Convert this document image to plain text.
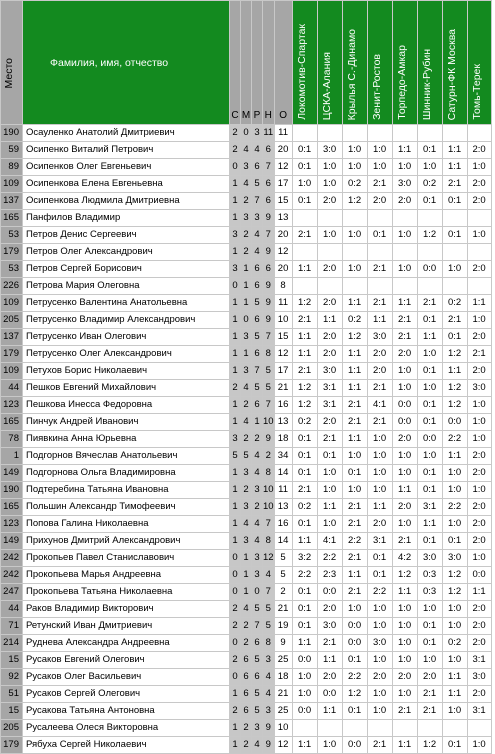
Место	Фамилия, имя, отчество	С	М	Р	Н	О	Локомотив-Спартак	ЦСКА-Алания	Крылья С.-Динамо	Зенит-Ростов	Торпедо-Амкар	Шинник-Рубин	Сатурн-ФК Москва	Томь-Терек

190	Осауленко Анатолий Дмитриевич	2	0	3	11	11								
59	Осипенко Виталий Петрович	2	4	4	6	20	0:1	3:0	1:0	1:0	1:1	0:1	1:1	2:0
89	Осипенков Олег Евгеньевич	0	3	6	7	12	0:1	1:0	1:0	1:0	1:0	1:0	1:1	1:0
109	Осипенкова Елена Евгеньевна	1	4	5	6	17	1:0	1:0	0:2	2:1	3:0	0:2	2:1	2:0
137	Осипенкова Людмила Дмитриевна	1	2	7	6	15	0:1	2:0	1:2	2:0	2:0	0:1	0:1	2:0
165	Панфилов Владимир	1	3	3	9	13								
53	Петров Денис Сергеевич	3	2	4	7	20	2:1	1:0	1:0	0:1	1:0	1:2	0:1	1:0
179	Петров Олег Александрович	1	2	4	9	12								
53	Петров Сергей Борисович	3	1	6	6	20	1:1	2:0	1:0	2:1	1:0	0:0	1:0	2:0
226	Петрова Мария Олеговна	0	1	6	9	8								
109	Петрусенко Валентина Анатольевна	1	1	5	9	11	1:2	2:0	1:1	2:1	1:1	2:1	0:2	1:1
205	Петрусенко Владимир Александрович	1	0	6	9	10	2:1	1:1	0:2	1:1	2:1	0:1	2:1	1:0
137	Петрусенко Иван Олегович	1	3	5	7	15	1:1	2:0	1:2	3:0	2:1	1:1	0:1	2:0
179	Петрусенко Олег Александрович	1	1	6	8	12	1:1	2:0	1:1	2:0	2:0	1:0	1:2	2:1
109	Петухов Борис Николаевич	1	3	7	5	17	2:1	3:0	1:1	2:0	1:0	0:1	1:1	2:0
44	Пешков Евгений Михайлович	2	4	5	5	21	1:2	3:1	1:1	2:1	1:0	1:0	1:2	3:0
123	Пешкова Инесса Федоровна	1	2	6	7	16	1:2	3:1	2:1	4:1	0:0	0:1	1:2	1:0
165	Пинчук Андрей Иванович	1	4	1	10	13	0:2	2:0	2:1	2:1	0:0	0:1	0:0	1:0
78	Пиявкина Анна Юрьевна	3	2	2	9	18	0:1	2:1	1:1	1:0	2:0	0:0	2:2	1:0
1	Подгорнов Вячеслав Анатольевич	5	5	4	2	34	0:1	0:1	1:0	1:0	1:0	1:0	1:1	2:0
149	Подгорнова Ольга Владимировна	1	3	4	8	14	0:1	1:0	0:1	1:0	1:0	0:1	1:0	2:0
190	Подтеребина Татьяна Ивановна	1	2	3	10	11	2:1	1:0	1:0	1:0	1:1	0:1	1:0	1:0
165	Польшин Александр Тимофеевич	1	3	2	10	13	0:2	1:1	2:1	1:1	2:0	3:1	2:2	2:0
123	Попова Галина Николаевна	1	4	4	7	16	0:1	1:0	2:1	2:0	1:0	1:1	1:0	2:0
149	Прихунов Дмитрий Александрович	1	3	4	8	14	1:1	4:1	2:2	3:1	2:1	0:1	0:1	2:0
242	Прокопьев Павел Станиславович	0	1	3	12	5	3:2	2:2	2:1	0:1	4:2	3:0	3:0	1:0
242	Прокопьева Марья Андреевна	0	1	3	4	5	2:2	2:3	1:1	0:1	1:2	0:3	1:2	0:0
247	Прокопьева Татьяна Николаевна	0	1	0	7	2	0:1	0:0	2:1	2:2	1:1	0:3	1:2	1:1
44	Раков Владимир Викторович	2	4	5	5	21	0:1	2:0	1:0	1:0	1:0	1:0	1:0	2:0
71	Ретунский Иван Дмитриевич	2	2	7	5	19	0:1	3:0	0:0	1:0	1:0	0:1	1:0	2:0
214	Руднева Александра Андреевна	0	2	6	8	9	1:1	2:1	0:0	3:0	1:0	0:1	0:2	2:0
15	Русаков Евгений Олегович	2	6	5	3	25	0:0	1:1	0:1	1:0	1:0	1:0	1:0	3:1
92	Русаков Олег Васильевич	0	6	6	4	18	1:0	2:0	2:2	2:0	2:0	2:0	1:1	3:0
51	Русаков Сергей Олегович	1	6	5	4	21	1:0	0:0	1:2	1:0	1:0	2:1	1:1	2:0
15	Русакова Татьяна Антоновна	2	6	5	3	25	0:0	1:1	0:1	1:0	2:1	2:1	1:0	3:1
205	Русалеева Олеся Викторовна	1	2	3	9	10								
179	Рябуха Сергей Николаевич	1	2	4	9	12	1:1	1:0	0:0	2:1	1:1	1:2	0:1	1:0
